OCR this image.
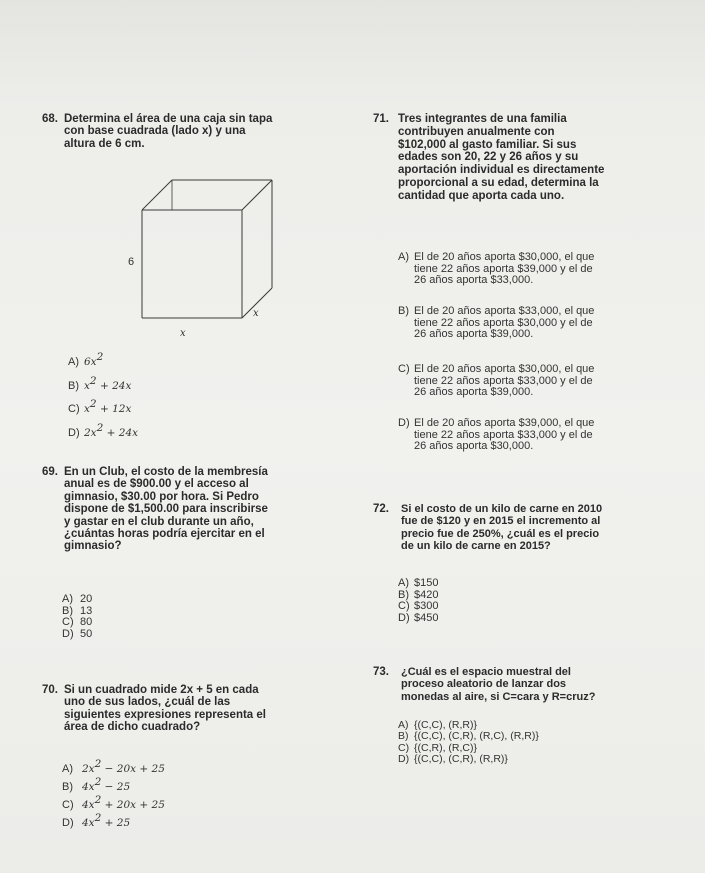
68. Determina el área de una caja sin tapa
con base cuadrada (lado x) y una
altura de 6 cm.
6
x
x
A) $6x^2$
B) $x^2 + 24x$
C) $x^2 + 12x$
D) $2x^2 + 24x$
69. En un Club, el costo de la membresía
anual es de $900.00 y el acceso al
gimnasio, $30.00 por hora. Si Pedro
dispone de $1,500.00 para inscribirse
y gastar en el club durante un año,
¿cuántas horas podría ejercitar en el
gimnasio?
A) 20
B) 13
C) 80
D) 50
70. Si un cuadrado mide 2x + 5 en cada
uno de sus lados, ¿cuál de las
siguientes expresiones representa el
área de dicho cuadrado?
A) $2x^2 - 20x + 25$
B) $4x^2 - 25$
C) $4x^2 + 20x + 25$
D) $4x^2 + 25$
71. Tres integrantes de una familia
contribuyen anualmente con
$102,000 al gasto familiar. Si sus
edades son 20, 22 y 26 años y su
aportación individual es directamente
proporcional a su edad, determina la
cantidad que aporta cada uno.
A) El de 20 años aporta $30,000, el que
tiene 22 años aporta $39,000 y el de
26 años aporta $33,000.
B) El de 20 años aporta $33,000, el que
tiene 22 años aporta $30,000 y el de
26 años aporta $39,000.
C) El de 20 años aporta $30,000, el que
tiene 22 años aporta $33,000 y el de
26 años aporta $39,000.
D) El de 20 años aporta $39,000, el que
tiene 22 años aporta $33,000 y el de
26 años aporta $30,000.
72. Si el costo de un kilo de carne en 2010
fue de $120 y en 2015 el incremento al
precio fue de 250%, ¿cuál es el precio
de un kilo de carne en 2015?
A) $150
B) $420
C) $300
D) $450
73. ¿Cuál es el espacio muestral del
proceso aleatorio de lanzar dos
monedas al aire, si C=cara y R=cruz?
A) {(C,C), (R,R)}
B) {(C,C), (C,R), (R,C), (R,R)}
C) {(C,R), (R,C)}
D) {(C,C), (C,R), (R,R)}
